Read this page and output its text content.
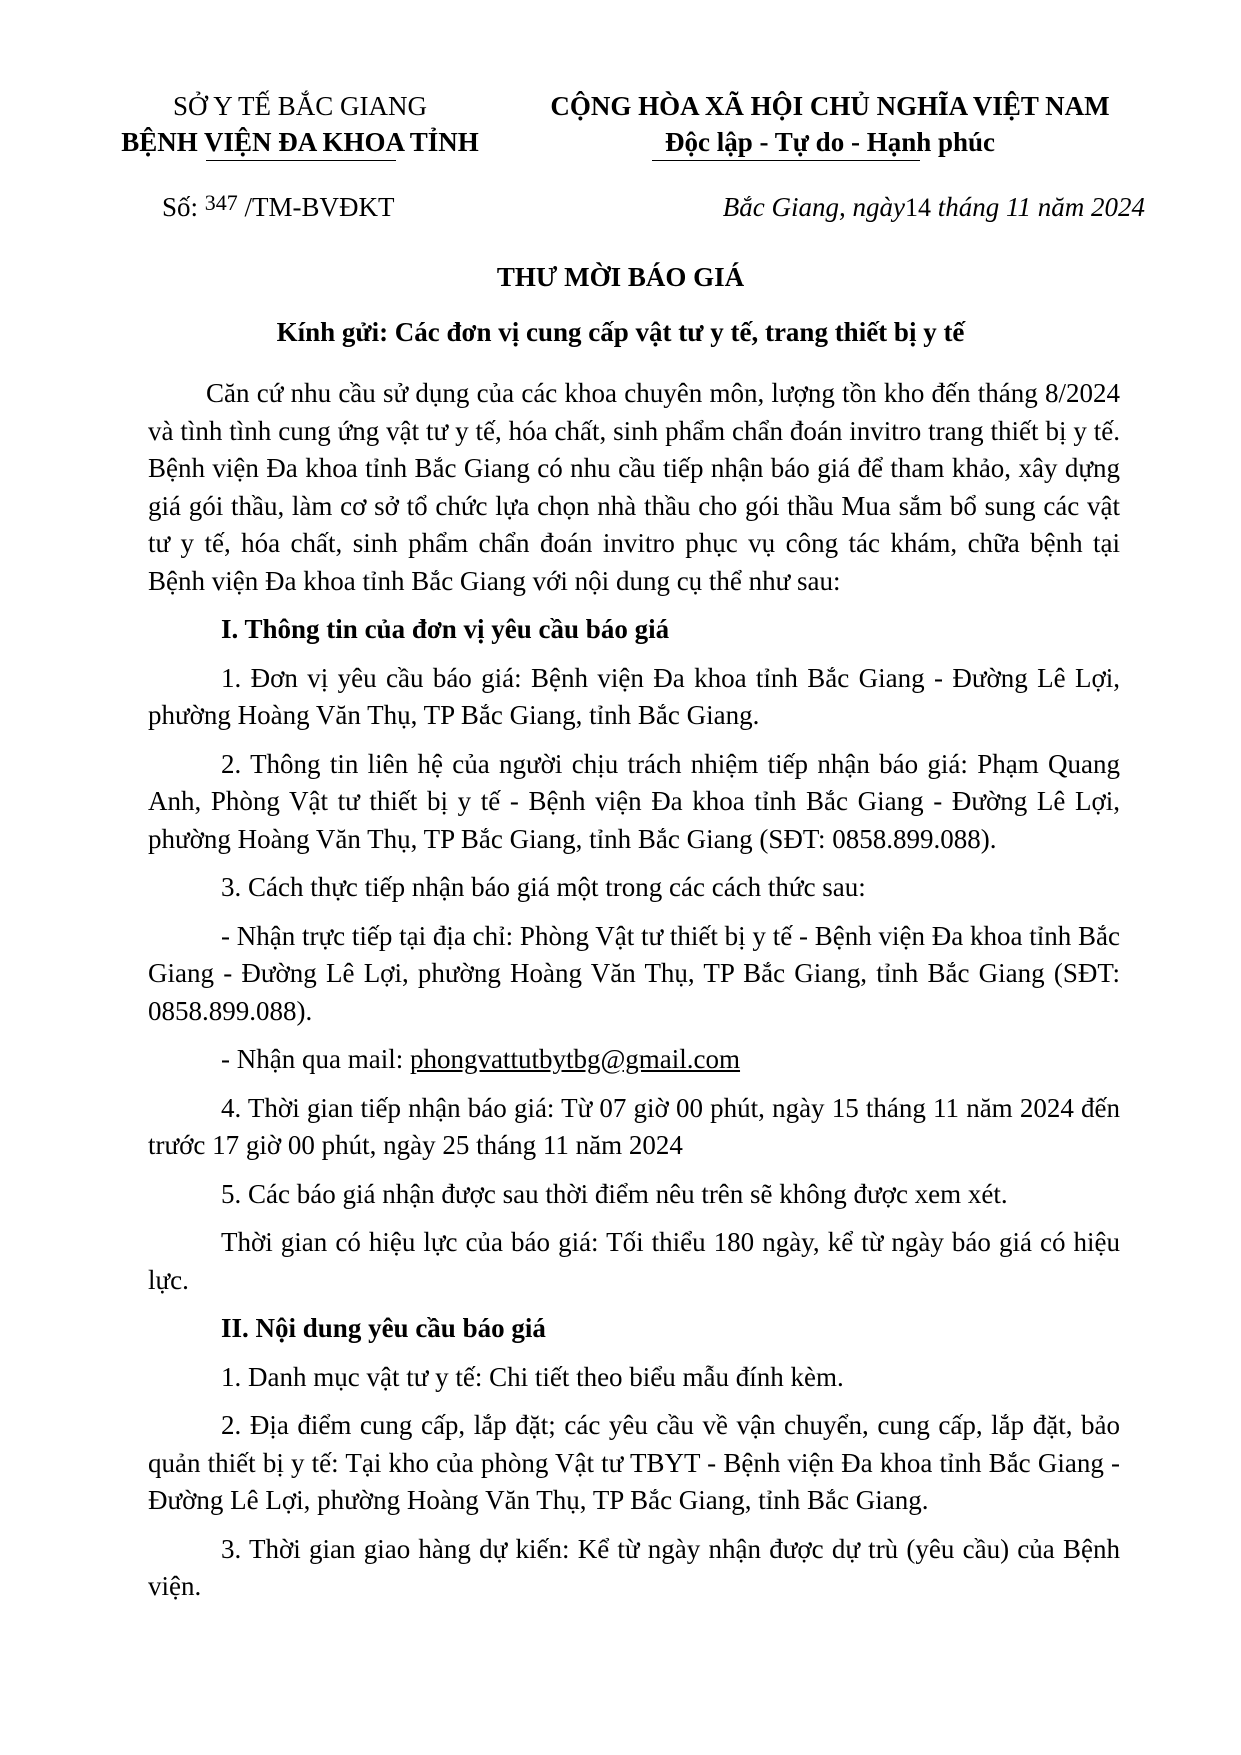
SỞ Y TẾ BẮC GIANG
BỆNH VIỆN ĐA KHOA TỈNH
CỘNG HÒA XÃ HỘI CHỦ NGHĨA VIỆT NAM
Độc lập - Tự do - Hạnh phúc
Số: $^{347}$ /TM-BVĐKT	Bắc Giang, ngày14 tháng 11 năm 2024
THƯ MỜI BÁO GIÁ
Kính gửi: Các đơn vị cung cấp vật tư y tế, trang thiết bị y tế

Căn cứ nhu cầu sử dụng của các khoa chuyên môn, lượng tồn kho đến tháng 8/2024 và tình tình cung ứng vật tư y tế, hóa chất, sinh phẩm chẩn đoán invitro trang thiết bị y tế. Bệnh viện Đa khoa tỉnh Bắc Giang có nhu cầu tiếp nhận báo giá để tham khảo, xây dựng giá gói thầu, làm cơ sở tổ chức lựa chọn nhà thầu cho gói thầu Mua sắm bổ sung các vật tư y tế, hóa chất, sinh phẩm chẩn đoán invitro phục vụ công tác khám, chữa bệnh tại Bệnh viện Đa khoa tỉnh Bắc Giang với nội dung cụ thể như sau:

I. Thông tin của đơn vị yêu cầu báo giá

1. Đơn vị yêu cầu báo giá: Bệnh viện Đa khoa tỉnh Bắc Giang - Đường Lê Lợi, phường Hoàng Văn Thụ, TP Bắc Giang, tỉnh Bắc Giang.

2. Thông tin liên hệ của người chịu trách nhiệm tiếp nhận báo giá: Phạm Quang Anh, Phòng Vật tư thiết bị y tế - Bệnh viện Đa khoa tỉnh Bắc Giang - Đường Lê Lợi, phường Hoàng Văn Thụ, TP Bắc Giang, tỉnh Bắc Giang (SĐT: 0858.899.088).

3. Cách thực tiếp nhận báo giá một trong các cách thức sau:

- Nhận trực tiếp tại địa chỉ: Phòng Vật tư thiết bị y tế - Bệnh viện Đa khoa tỉnh Bắc Giang - Đường Lê Lợi, phường Hoàng Văn Thụ, TP Bắc Giang, tỉnh Bắc Giang (SĐT: 0858.899.088).

- Nhận qua mail: phongvattutbytbg@gmail.com

4. Thời gian tiếp nhận báo giá: Từ 07 giờ 00 phút, ngày 15 tháng 11 năm 2024 đến trước 17 giờ 00 phút, ngày 25 tháng 11 năm 2024

5. Các báo giá nhận được sau thời điểm nêu trên sẽ không được xem xét.

Thời gian có hiệu lực của báo giá: Tối thiểu 180 ngày, kể từ ngày báo giá có hiệu lực.

II. Nội dung yêu cầu báo giá

1. Danh mục vật tư y tế: Chi tiết theo biểu mẫu đính kèm.

2. Địa điểm cung cấp, lắp đặt; các yêu cầu về vận chuyển, cung cấp, lắp đặt, bảo quản thiết bị y tế: Tại kho của phòng Vật tư TBYT - Bệnh viện Đa khoa tỉnh Bắc Giang - Đường Lê Lợi, phường Hoàng Văn Thụ, TP Bắc Giang, tỉnh Bắc Giang.

3. Thời gian giao hàng dự kiến: Kể từ ngày nhận được dự trù (yêu cầu) của Bệnh viện.
